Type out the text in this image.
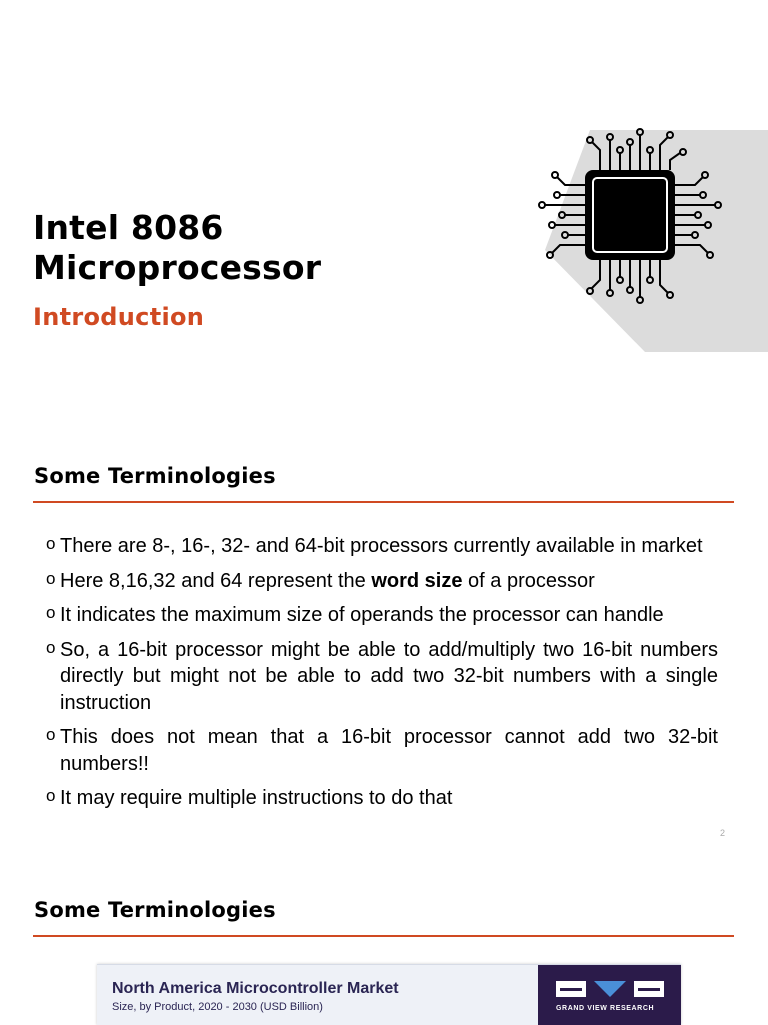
Intel 8086
Microprocessor
Introduction
Some Terminologies
o There are 8-, 16-, 32- and 64-bit processors currently available in market
o Here 8,16,32 and 64 represent the word size of a processor
o It indicates the maximum size of operands the processor can handle
o So, a 16-bit processor might be able to add/multiply two 16-bit numbers directly but might not be able to add two 32-bit numbers with a single instruction
o This does not mean that a 16-bit processor cannot add two 32-bit numbers!!
o It may require multiple instructions to do that
2
Some Terminologies
North America Microcontroller Market
Size, by Product, 2020 - 2030 (USD Billion)	GRAND VIEW RESEARCH
